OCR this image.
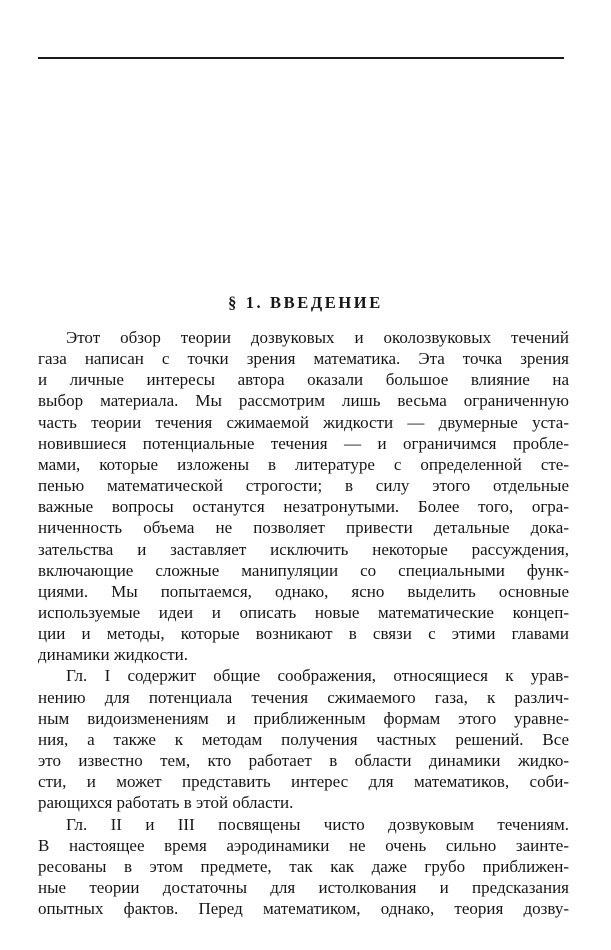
§ 1. ВВЕДЕНИЕ
Этот обзор теории дозвуковых и околозвуковых течений
газа написан с точки зрения математика. Эта точка зрения
и личные интересы автора оказали большое влияние на
выбор материала. Мы рассмотрим лишь весьма ограниченную
часть теории течения сжимаемой жидкости — двумерные уста-
новившиеся потенциальные течения — и ограничимся пробле-
мами, которые изложены в литературе с определенной сте-
пенью математической строгости; в силу этого отдельные
важные вопросы останутся незатронутыми. Более того, огра-
ниченность объема не позволяет привести детальные дока-
зательства и заставляет исключить некоторые рассуждения,
включающие сложные манипуляции со специальными функ-
циями. Мы попытаемся, однако, ясно выделить основные
используемые идеи и описать новые математические концеп-
ции и методы, которые возникают в связи с этими главами
динамики жидкости.
Гл. I содержит общие соображения, относящиеся к урав-
нению для потенциала течения сжимаемого газа, к различ-
ным видоизменениям и приближенным формам этого уравне-
ния, а также к методам получения частных решений. Все
это известно тем, кто работает в области динамики жидко-
сти, и может представить интерес для математиков, соби-
рающихся работать в этой области.
Гл. II и III посвящены чисто дозвуковым течениям.
В настоящее время аэродинамики не очень сильно заинте-
ресованы в этом предмете, так как даже грубо приближен-
ные теории достаточны для истолкования и предсказания
опытных фактов. Перед математиком, однако, теория дозву-
